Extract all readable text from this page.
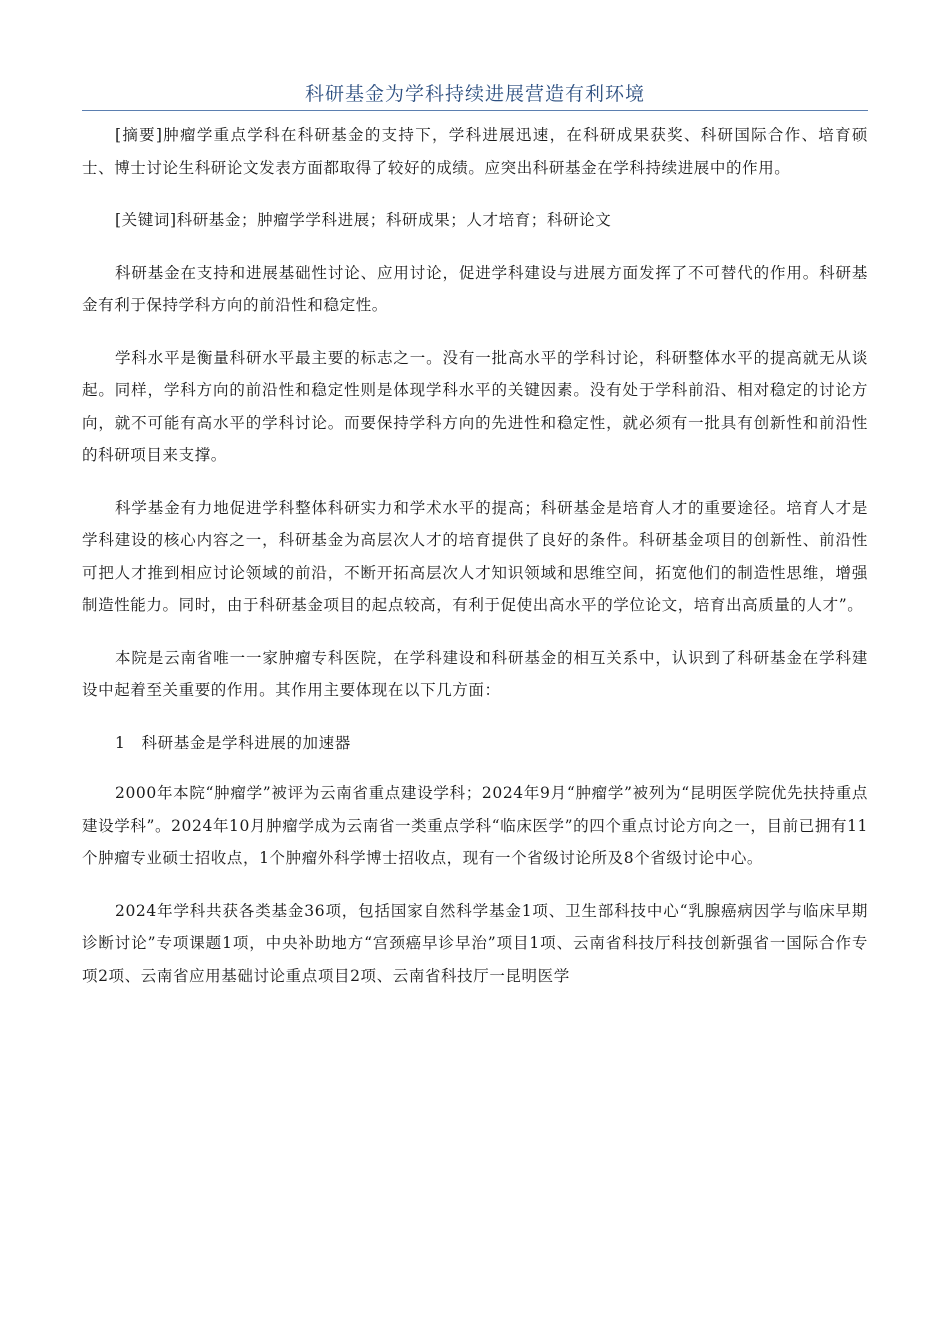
科研基金为学科持续进展营造有利环境

[摘要]肿瘤学重点学科在科研基金的支持下，学科进展迅速，在科研成果获奖、科研国际合作、培育硕士、博士讨论生科研论文发表方面都取得了较好的成绩。应突出科研基金在学科持续进展中的作用。

[关键词]科研基金；肿瘤学学科进展；科研成果；人才培育；科研论文

科研基金在支持和进展基础性讨论、应用讨论，促进学科建设与进展方面发挥了不可替代的作用。科研基金有利于保持学科方向的前沿性和稳定性。

学科水平是衡量科研水平最主要的标志之一。没有一批高水平的学科讨论，科研整体水平的提高就无从谈起。同样，学科方向的前沿性和稳定性则是体现学科水平的关键因素。没有处于学科前沿、相对稳定的讨论方向，就不可能有高水平的学科讨论。而要保持学科方向的先进性和稳定性，就必须有一批具有创新性和前沿性的科研项目来支撑。

科学基金有力地促进学科整体科研实力和学术水平的提高；科研基金是培育人才的重要途径。培育人才是学科建设的核心内容之一，科研基金为高层次人才的培育提供了良好的条件。科研基金项目的创新性、前沿性可把人才推到相应讨论领域的前沿，不断开拓高层次人才知识领域和思维空间，拓宽他们的制造性思维，增强制造性能力。同时，由于科研基金项目的起点较高，有利于促使出高水平的学位论文，培育出高质量的人才”。

本院是云南省唯一一家肿瘤专科医院，在学科建设和科研基金的相互关系中，认识到了科研基金在学科建设中起着至关重要的作用。其作用主要体现在以下几方面：

1　科研基金是学科进展的加速器

2000年本院“肿瘤学”被评为云南省重点建设学科；2024年9月“肿瘤学”被列为“昆明医学院优先扶持重点建设学科”。2024年10月肿瘤学成为云南省一类重点学科“临床医学”的四个重点讨论方向之一，目前已拥有11个肿瘤专业硕士招收点，1个肿瘤外科学博士招收点，现有一个省级讨论所及8个省级讨论中心。

2024年学科共获各类基金36项，包括国家自然科学基金1项、卫生部科技中心“乳腺癌病因学与临床早期诊断讨论”专项课题1项，中央补助地方“宫颈癌早诊早治”项目1项、云南省科技厅科技创新强省一国际合作专项2项、云南省应用基础讨论重点项目2项、云南省科技厅一昆明医学
